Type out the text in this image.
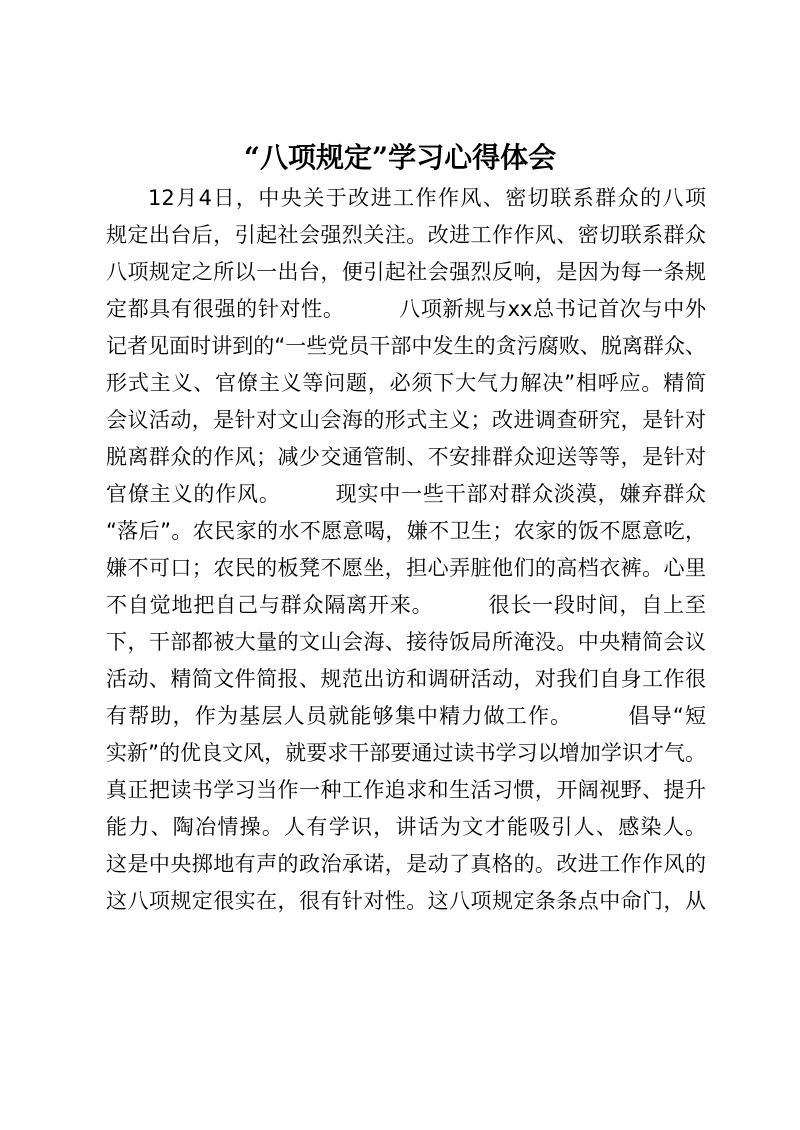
“八项规定”学习心得体会
12月4日，中央关于改进工作作风、密切联系群众的八项
规定出台后，引起社会强烈关注。改进工作作风、密切联系群众
八项规定之所以一出台，便引起社会强烈反响，是因为每一条规
定都具有很强的针对性。　　　八项新规与xx总书记首次与中外
记者见面时讲到的“一些党员干部中发生的贪污腐败、脱离群众、
形式主义、官僚主义等问题，必须下大气力解决”相呼应。精简
会议活动，是针对文山会海的形式主义；改进调查研究，是针对
脱离群众的作风；减少交通管制、不安排群众迎送等等，是针对
官僚主义的作风。　　　现实中一些干部对群众淡漠，嫌弃群众
“落后”。农民家的水不愿意喝，嫌不卫生；农家的饭不愿意吃，
嫌不可口；农民的板凳不愿坐，担心弄脏他们的高档衣裤。心里
不自觉地把自己与群众隔离开来。　　　很长一段时间，自上至
下，干部都被大量的文山会海、接待饭局所淹没。中央精简会议
活动、精简文件简报、规范出访和调研活动，对我们自身工作很
有帮助，作为基层人员就能够集中精力做工作。　　　倡导“短
实新”的优良文风，就要求干部要通过读书学习以增加学识才气。
真正把读书学习当作一种工作追求和生活习惯，开阔视野、提升
能力、陶冶情操。人有学识，讲话为文才能吸引人、感染人。
这是中央掷地有声的政治承诺，是动了真格的。改进工作作风的
这八项规定很实在，很有针对性。这八项规定条条点中命门，从
